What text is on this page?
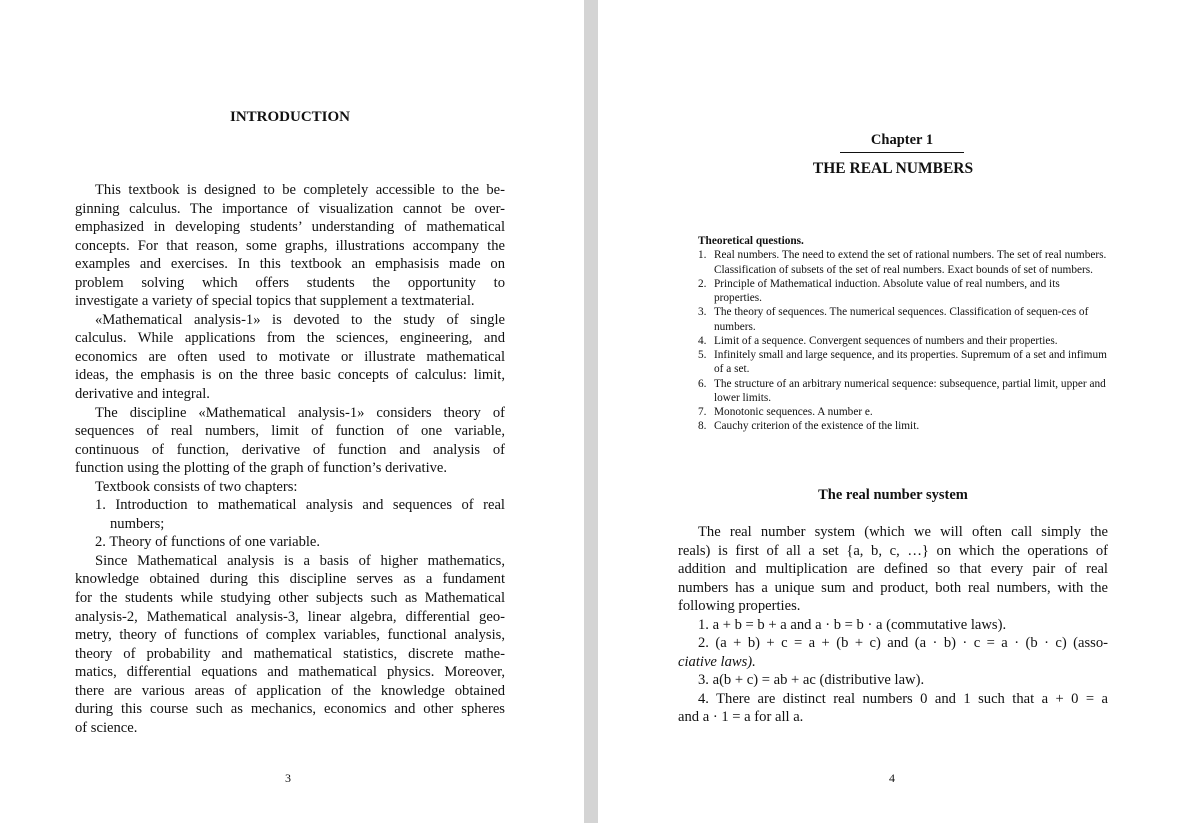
INTRODUCTION
This textbook is designed to be completely accessible to the be-
ginning calculus. The importance of visualization cannot be over-
emphasized in developing students’ understanding of mathematical
concepts. For that reason, some graphs, illustrations accompany the
examples and exercises. In this textbook an emphasisis made on
problem solving which offers students the opportunity to
investigate a variety of special topics that supplement a textmaterial.
«Mathematical analysis-1» is devoted to the study of single
calculus. While applications from the sciences, engineering, and
economics are often used to motivate or illustrate mathematical
ideas, the emphasis is on the three basic concepts of calculus: limit,
derivative and integral.
The discipline «Mathematical analysis-1» considers theory of
sequences of real numbers, limit of function of one variable,
continuous of function, derivative of function and analysis of
function using the plotting of the graph of function’s derivative.
Textbook consists of two chapters:
1. Introduction to mathematical analysis and sequences of real
numbers;
2. Theory of functions of one variable.
Since Mathematical analysis is a basis of higher mathematics,
knowledge obtained during this discipline serves as a fundament
for the students while studying other subjects such as Mathematical
analysis-2, Mathematical analysis-3, linear algebra, differential geo-
metry, theory of functions of complex variables, functional analysis,
theory of probability and mathematical statistics, discrete mathe-
matics, differential equations and mathematical physics. Moreover,
there are various areas of application of the knowledge obtained
during this course such as mechanics, economics and other spheres
of science.
3
Chapter 1
THE REAL NUMBERS
Theoretical questions.
1. Real numbers. The need to extend the set of rational numbers. The set of real numbers. Classification of subsets of the set of real numbers. Exact bounds of set of numbers.
2. Principle of Mathematical induction. Absolute value of real numbers, and its properties.
3. The theory of sequences. The numerical sequences. Classification of sequen-ces of numbers.
4. Limit of a sequence. Convergent sequences of numbers and their properties.
5. Infinitely small and large sequence, and its properties. Supremum of a set and infimum of a set.
6. The structure of an arbitrary numerical sequence: subsequence, partial limit, upper and lower limits.
7. Monotonic sequences. A number e.
8. Cauchy criterion of the existence of the limit.
The real number system
The real number system (which we will often call simply the
reals) is first of all a set {a, b, c, …} on which the operations of
addition and multiplication are defined so that every pair of real
numbers has a unique sum and product, both real numbers, with the
following properties.
1. a + b = b + a and a · b = b · a (commutative laws).
2. (a + b) + c = a + (b + c) and (a · b) · c = a · (b · c) (asso-
ciative laws).
3. a(b + c) = ab + ac (distributive law).
4. There are distinct real numbers 0 and 1 such that a + 0 = a
and a · 1 = a for all a.
4
